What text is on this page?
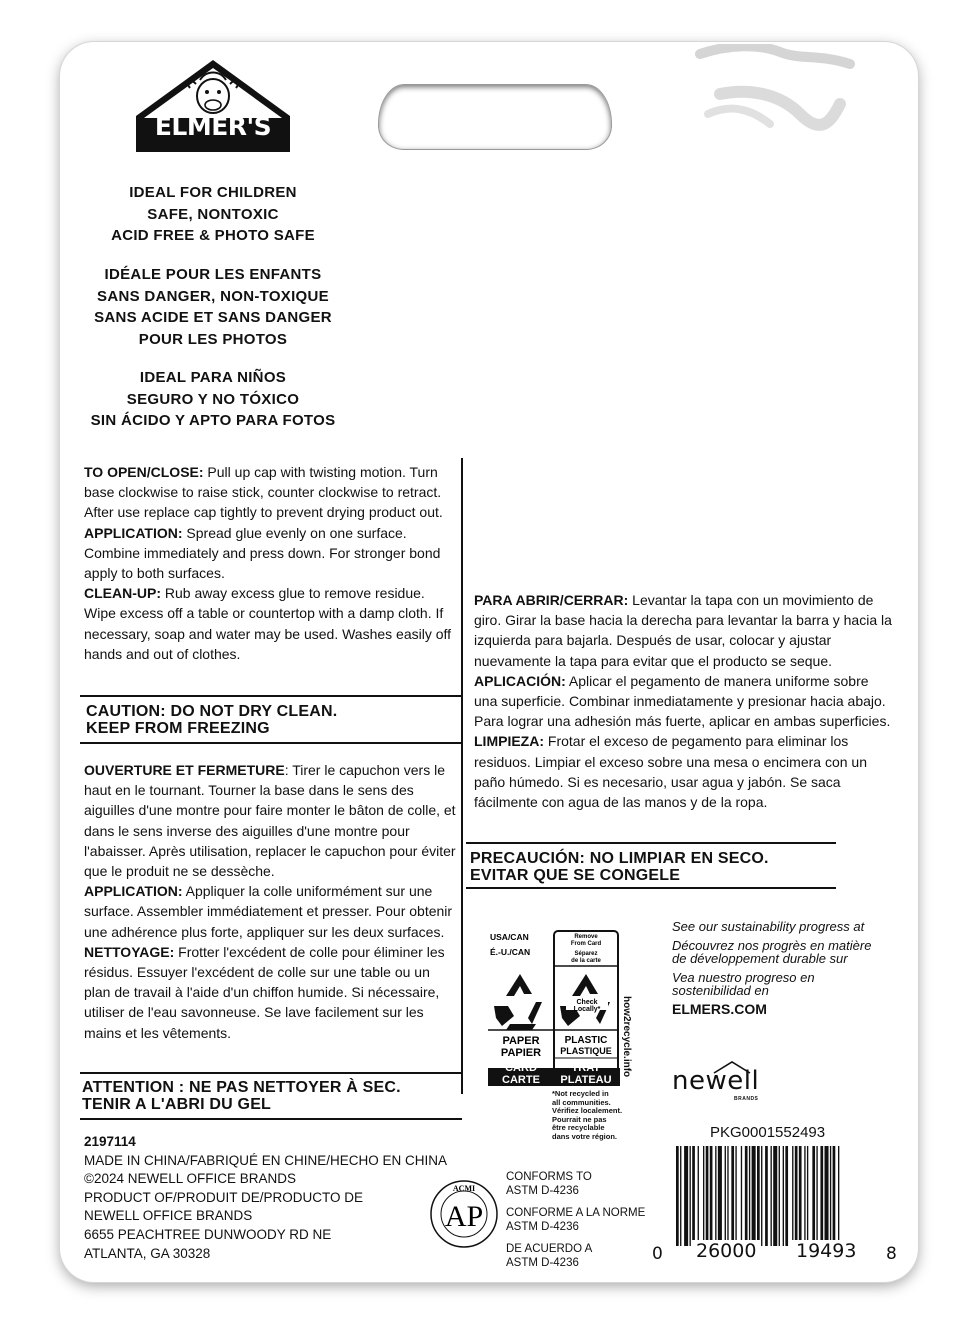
ELMER'S
IDEAL FOR CHILDREN
SAFE, NONTOXIC
ACID FREE & PHOTO SAFE
IDÉALE POUR LES ENFANTS
SANS DANGER, NON-TOXIQUE
SANS ACIDE ET SANS DANGER
POUR LES PHOTOS
IDEAL PARA NIÑOS
SEGURO Y NO TÓXICO
SIN ÁCIDO Y APTO PARA FOTOS

TO OPEN/CLOSE: Pull up cap with twisting motion. Turn base clockwise to raise stick, counter clockwise to retract. After use replace cap tightly to prevent drying product out.

APPLICATION: Spread glue evenly on one surface. Combine immediately and press down. For stronger bond apply to both surfaces.

CLEAN-UP: Rub away excess glue to remove residue. Wipe excess off a table or countertop with a damp cloth. If necessary, soap and water may be used. Washes easily off hands and out of clothes.

CAUTION: DO NOT DRY CLEAN.
KEEP FROM FREEZING

OUVERTURE ET FERMETURE: Tirer le capuchon vers le haut en le tournant. Tourner la base dans le sens des aiguilles d'une montre pour faire monter le bâton de colle, et dans le sens inverse des aiguilles d'une montre pour l'abaisser. Après utilisation, replacer le capuchon pour éviter que le produit ne se dessèche.

APPLICATION: Appliquer la colle uniformément sur une surface. Assembler immédiatement et presser. Pour obtenir une adhérence plus forte, appliquer sur les deux surfaces.

NETTOYAGE: Frotter l'excédent de colle pour éliminer les résidus. Essuyer l'excédent de colle sur une table ou un plan de travail à l'aide d'un chiffon humide. Si nécessaire, utiliser de l'eau savonneuse. Se lave facilement sur les mains et les vêtements.

ATTENTION : NE PAS NETTOYER À SEC.
TENIR A L'ABRI DU GEL

PARA ABRIR/CERRAR: Levantar la tapa con un movimiento de giro. Girar la base hacia la derecha para levantar la barra y hacia la izquierda para bajarla. Después de usar, colocar y ajustar nuevamente la tapa para evitar que el producto se seque.

APLICACIÓN: Aplicar el pegamento de manera uniforme sobre una superficie. Combinar inmediatamente y presionar hacia abajo. Para lograr una adhesión más fuerte, aplicar en ambas superficies.

LIMPIEZA: Frotar el exceso de pegamento para eliminar los residuos. Limpiar el exceso sobre una mesa o encimera con un paño húmedo. Si es necesario, usar agua y jabón. Se saca fácilmente con agua de las manos y de la ropa.

PRECAUCIÓN: NO LIMPIAR EN SECO.
EVITAR QUE SE CONGELE
2197114
MADE IN CHINA/FABRIQUÉ EN CHINE/HECHO EN CHINA
©2024 NEWELL OFFICE BRANDS
PRODUCT OF/PRODUIT DE/PRODUCTO DE
NEWELL OFFICE BRANDS
6655 PEACHTREE DUNWOODY RD NE
ATLANTA, GA 30328
USA/CAN
É.-U./CAN
Remove
From Card
Séparez
de la carte
Check
Locally*
PAPER
PAPIER
PLASTIC
PLASTIQUE
CARD
CARTE
TRAY
PLATEAU
how2recycle.info
*Not recycled in
all communities.
Vérifiez localement.
Pourrait ne pas
être recyclable
dans votre région.

See our sustainability progress at

Découvrez nos progrès en matière de développement durable sur

Vea nuestro progreso en sostenibilidad en

ELMERS.COM

newell
BRANDS
ACMI
AP
CONFORMS TO
ASTM D-4236
CONFORME A LA NORME
ASTM D-4236
DE ACUERDO A
ASTM D-4236
PKG0001552493
0 26000 19493 8
